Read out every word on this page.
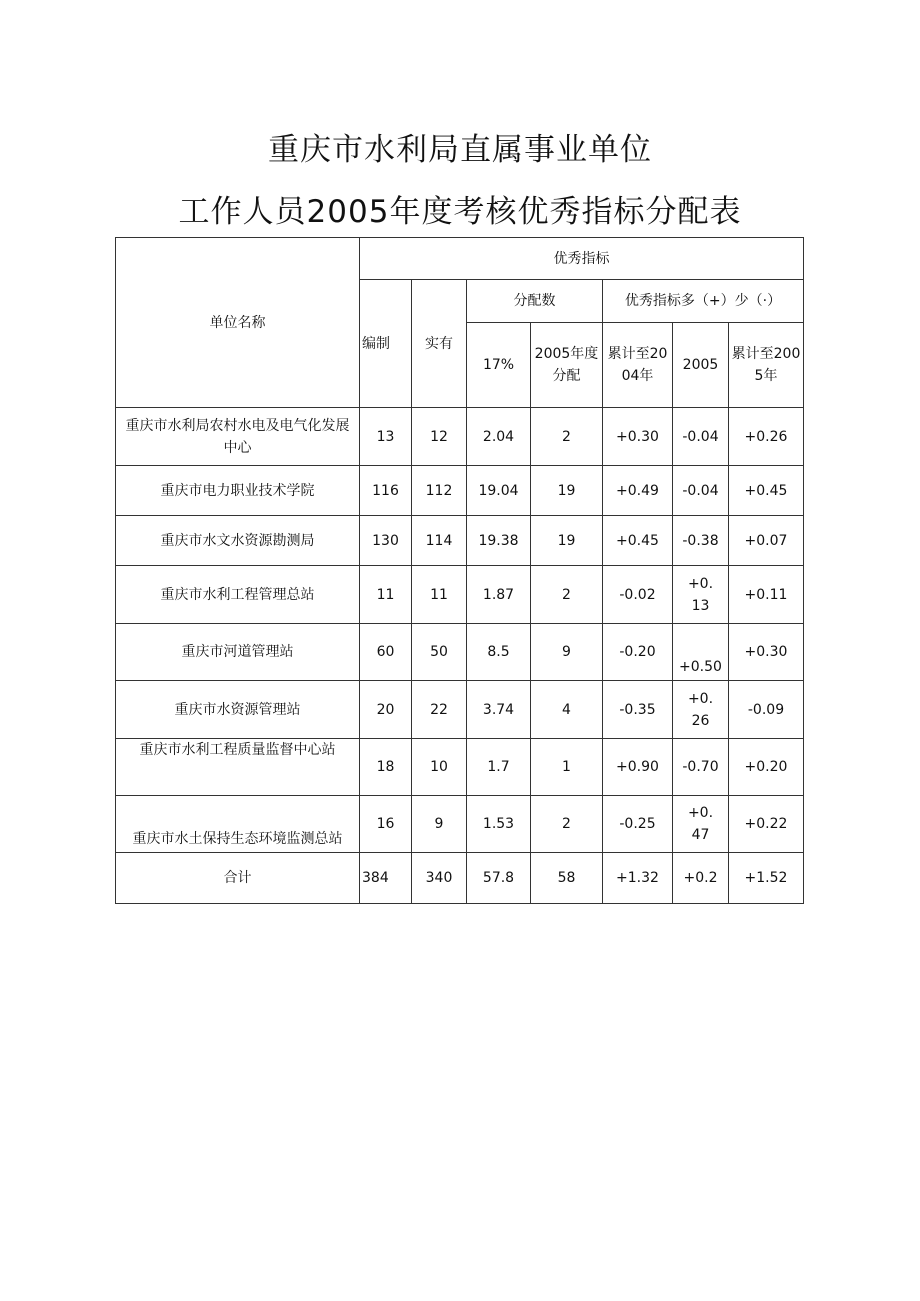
重庆市水利局直属事业单位
工作人员2005年度考核优秀指标分配表
单位名称	优秀指标						
	编制	实有	分配数		优秀指标多（+）少（·）		
			17%	2005年度分配	累计至2004年	2005	累计至2005年
重庆市水利局农村水电及电气化发展中心	13	12	2.04	2	+0.30	-0.04	+0.26
重庆市电力职业技术学院	116	112	19.04	19	+0.49	-0.04	+0.45
重庆市水文水资源勘测局	130	114	19.38	19	+0.45	-0.38	+0.07
重庆市水利工程管理总站	11	11	1.87	2	-0.02	+0.13	+0.11
重庆市河道管理站	60	50	8.5	9	-0.20	+0.50	+0.30
重庆市水资源管理站	20	22	3.74	4	-0.35	+0.26	-0.09
重庆市水利工程质量监督中心站	18	10	1.7	1	+0.90	-0.70	+0.20
重庆市水土保持生态环境监测总站	16	9	1.53	2	-0.25	+0.47	+0.22
合计	384	340	57.8	58	+1.32	+0.2	+1.52
